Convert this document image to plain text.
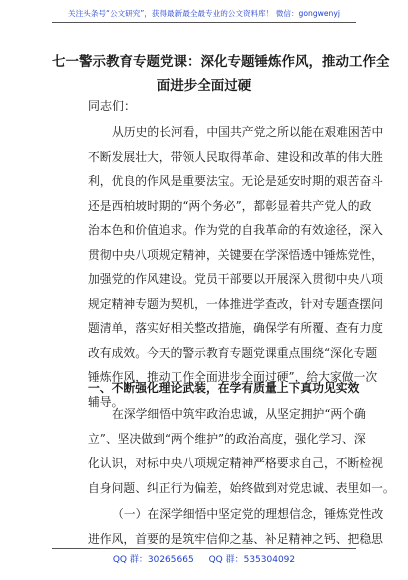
关注头条号“公文研究”，获得最新最全最专业的公文资料库！ 微信：gongwenyj
七一警示教育专题党课：深化专题锤炼作风，推动工作全
面进步全面过硬
同志们：
从历史的长河看，中国共产党之所以能在艰难困苦中
不断发展壮大，带领人民取得革命、建设和改革的伟大胜
利，优良的作风是重要法宝。无论是延安时期的艰苦奋斗
还是西柏坡时期的“两个务必”，都彰显着共产党人的政
治本色和价值追求。作为党的自我革命的有效途径，深入
贯彻中央八项规定精神，关键要在学深悟透中锤炼党性，
加强党的作风建设。党员干部要以开展深入贯彻中央八项
规定精神专题为契机，一体推进学查改，针对专题查摆问
题清单，落实好相关整改措施，确保学有所覆、查有力度
改有成效。今天的警示教育专题党课重点围绕“深化专题
锤炼作风，推动工作全面进步全面过硬”，给大家做一次
辅导。
一、不断强化理论武装，在学有质量上下真功见实效
在深学细悟中筑牢政治忠诚，从坚定拥护“两个确
立”、坚决做到“两个维护”的政治高度，强化学习、深
化认识，对标中央八项规定精神严格要求自己，不断检视
自身问题、纠正行为偏差，始终做到对党忠诚、表里如一。
（一）在深学细悟中坚定党的理想信念，锤炼党性改
进作风，首要的是筑牢信仰之基、补足精神之钙、把稳思
QQ 群：30265665 QQ 群：535304092
